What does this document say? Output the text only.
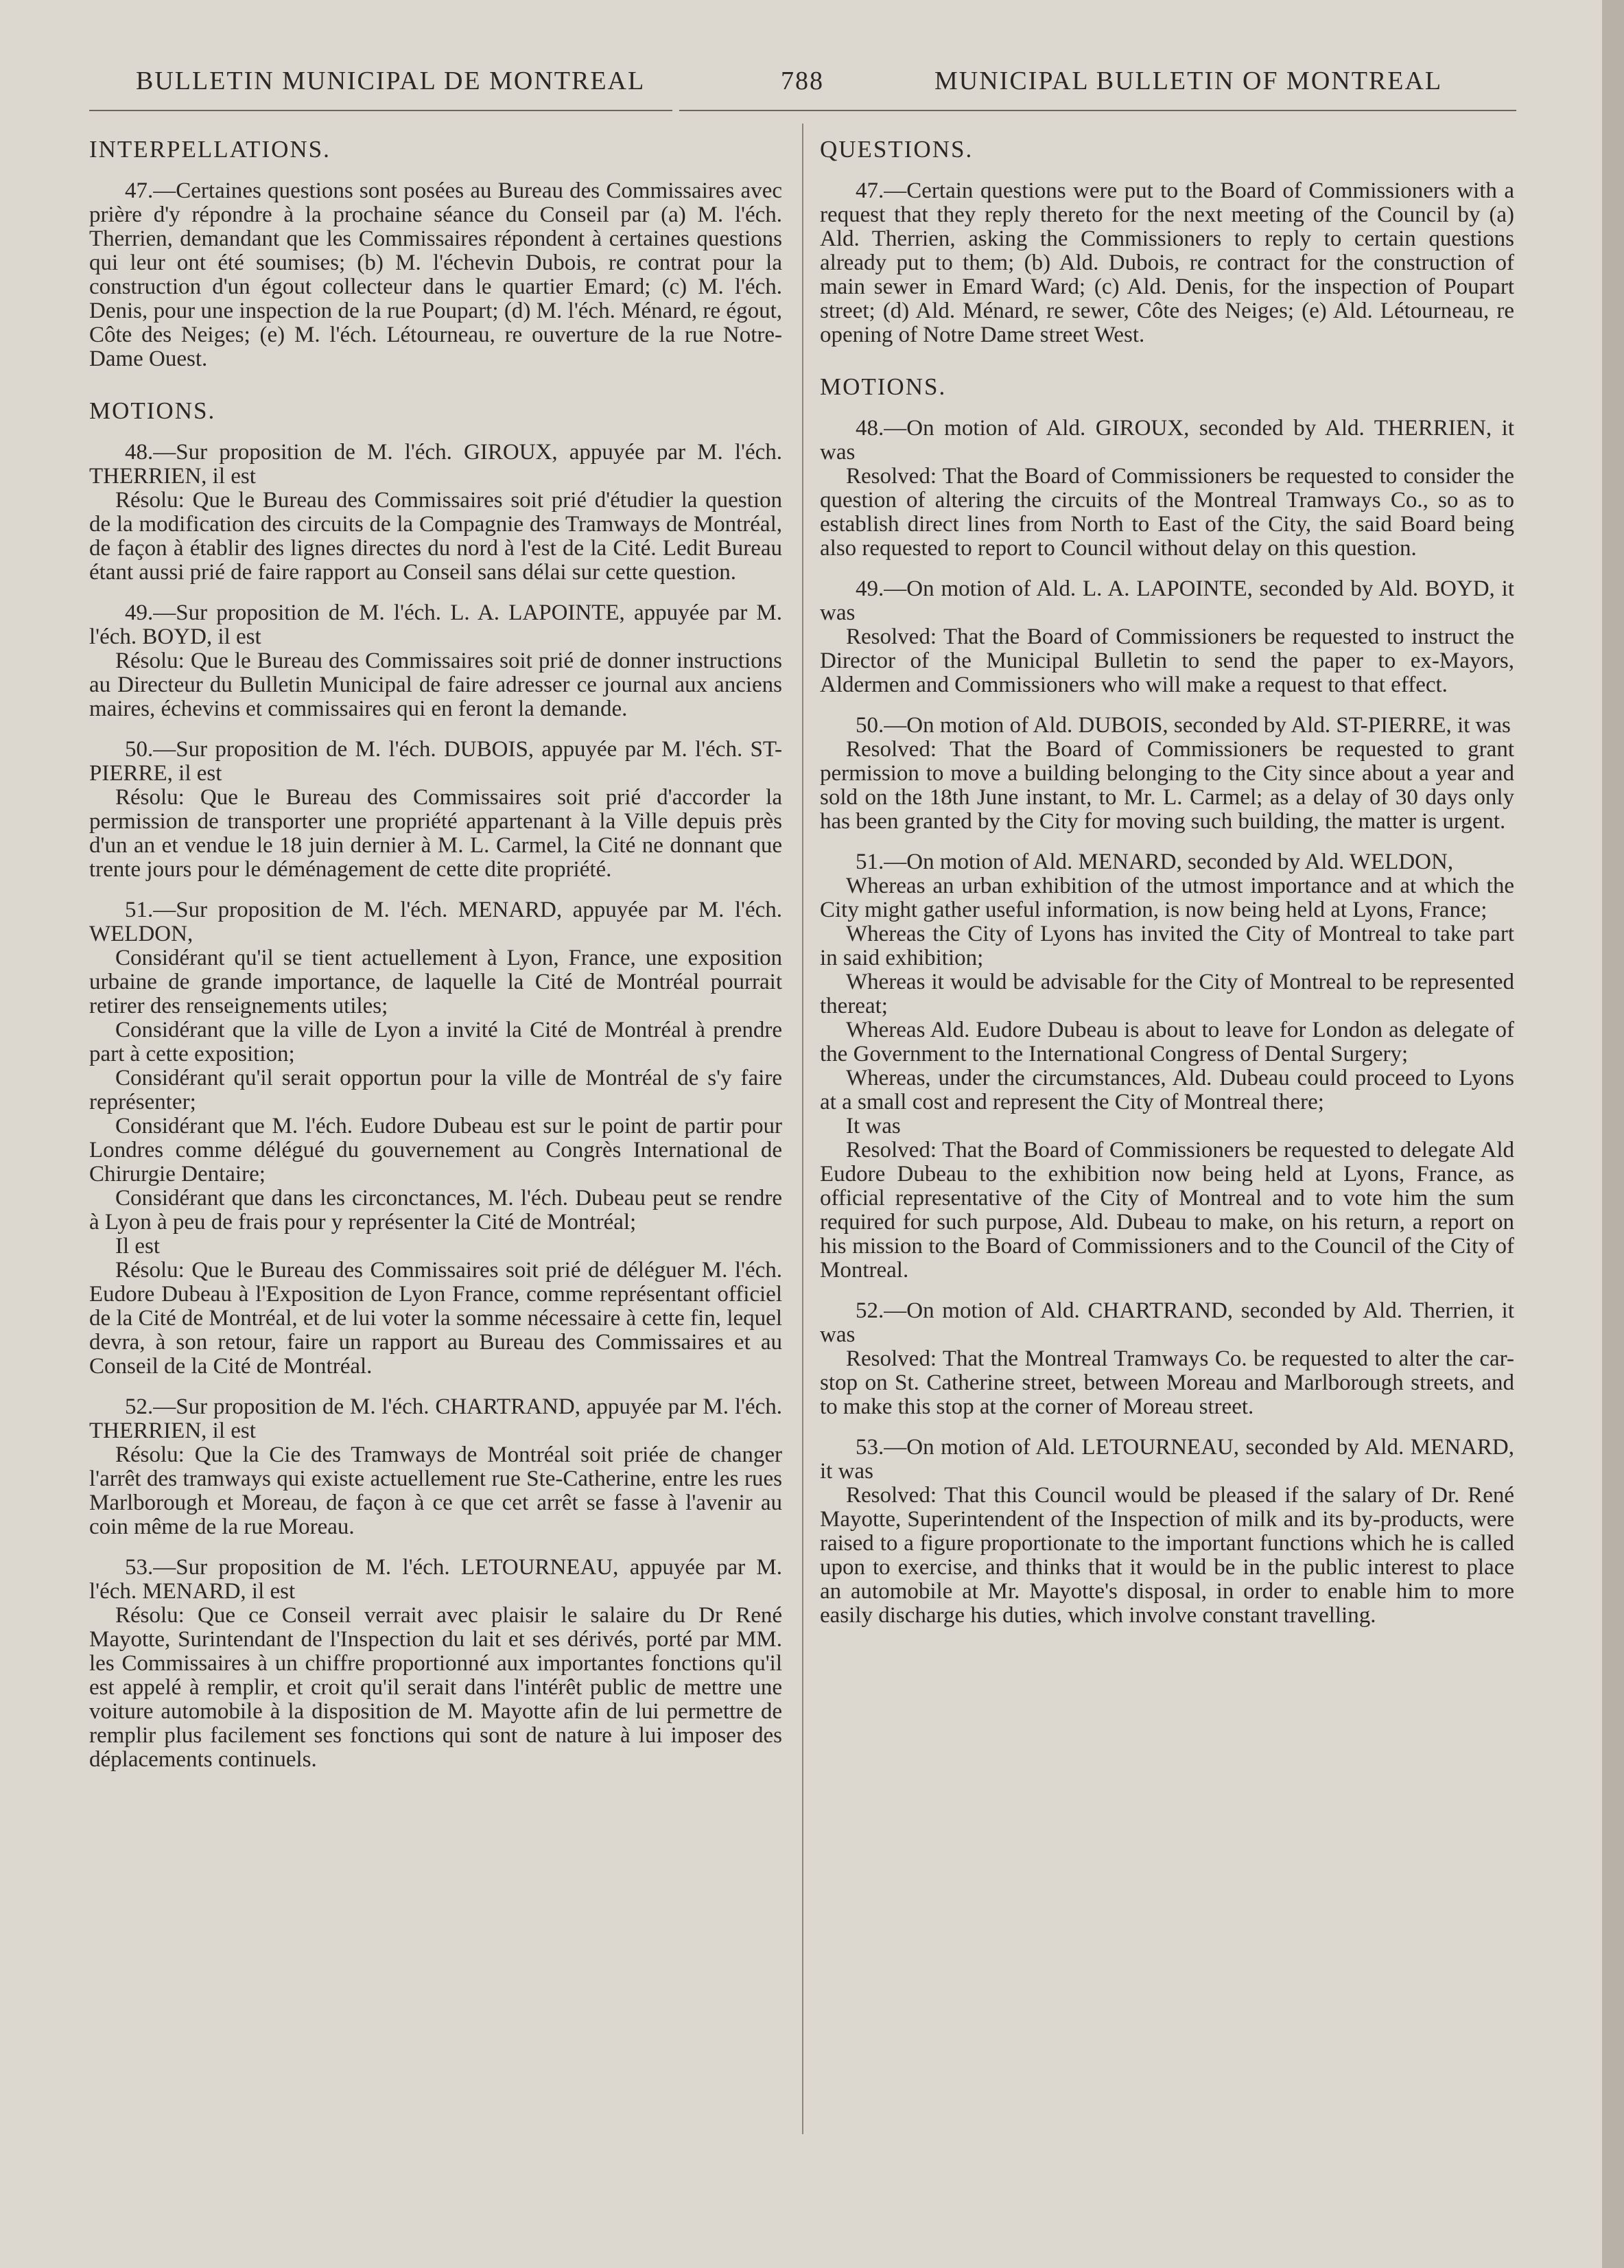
BULLETIN MUNICIPAL DE MONTREAL	788	MUNICIPAL BULLETIN OF MONTREAL
INTERPELLATIONS.

47.—Certaines questions sont posées au Bureau des Commissaires avec prière d'y répondre à la prochaine séance du Conseil par (a) M. l'éch. Therrien, demandant que les Commissaires répondent à certaines questions qui leur ont été soumises; (b) M. l'échevin Dubois, re contrat pour la construction d'un égout collecteur dans le quartier Emard; (c) M. l'éch. Denis, pour une inspection de la rue Poupart; (d) M. l'éch. Ménard, re égout, Côte des Neiges; (e) M. l'éch. Létourneau, re ouverture de la rue Notre-Dame Ouest.

MOTIONS.

48.—Sur proposition de M. l'éch. GIROUX, appuyée par M. l'éch. THERRIEN, il est

Résolu: Que le Bureau des Commissaires soit prié d'étudier la question de la modification des circuits de la Compagnie des Tramways de Montréal, de façon à établir des lignes directes du nord à l'est de la Cité. Ledit Bureau étant aussi prié de faire rapport au Conseil sans délai sur cette question.

49.—Sur proposition de M. l'éch. L. A. LAPOINTE, appuyée par M. l'éch. BOYD, il est

Résolu: Que le Bureau des Commissaires soit prié de donner instructions au Directeur du Bulletin Municipal de faire adresser ce journal aux anciens maires, échevins et commissaires qui en feront la demande.

50.—Sur proposition de M. l'éch. DUBOIS, appuyée par M. l'éch. ST-PIERRE, il est

Résolu: Que le Bureau des Commissaires soit prié d'accorder la permission de transporter une propriété appartenant à la Ville depuis près d'un an et vendue le 18 juin dernier à M. L. Carmel, la Cité ne donnant que trente jours pour le déménagement de cette dite propriété.

51.—Sur proposition de M. l'éch. MENARD, appuyée par M. l'éch. WELDON,

Considérant qu'il se tient actuellement à Lyon, France, une exposition urbaine de grande importance, de laquelle la Cité de Montréal pourrait retirer des renseignements utiles;

Considérant que la ville de Lyon a invité la Cité de Montréal à prendre part à cette exposition;

Considérant qu'il serait opportun pour la ville de Montréal de s'y faire représenter;

Considérant que M. l'éch. Eudore Dubeau est sur le point de partir pour Londres comme délégué du gouvernement au Congrès International de Chirurgie Dentaire;

Considérant que dans les circonctances, M. l'éch. Dubeau peut se rendre à Lyon à peu de frais pour y représenter la Cité de Montréal;

Il est

Résolu: Que le Bureau des Commissaires soit prié de déléguer M. l'éch. Eudore Dubeau à l'Exposition de Lyon France, comme représentant officiel de la Cité de Montréal, et de lui voter la somme nécessaire à cette fin, lequel devra, à son retour, faire un rapport au Bureau des Commissaires et au Conseil de la Cité de Montréal.

52.—Sur proposition de M. l'éch. CHARTRAND, appuyée par M. l'éch. THERRIEN, il est

Résolu: Que la Cie des Tramways de Montréal soit priée de changer l'arrêt des tramways qui existe actuellement rue Ste-Catherine, entre les rues Marlborough et Moreau, de façon à ce que cet arrêt se fasse à l'avenir au coin même de la rue Moreau.

53.—Sur proposition de M. l'éch. LETOURNEAU, appuyée par M. l'éch. MENARD, il est

Résolu: Que ce Conseil verrait avec plaisir le salaire du Dr René Mayotte, Surintendant de l'Inspection du lait et ses dérivés, porté par MM. les Commissaires à un chiffre proportionné aux importantes fonctions qu'il est appelé à remplir, et croit qu'il serait dans l'intérêt public de mettre une voiture automobile à la disposition de M. Mayotte afin de lui permettre de remplir plus facilement ses fonctions qui sont de nature à lui imposer des déplacements continuels.

QUESTIONS.

47.—Certain questions were put to the Board of Commissioners with a request that they reply thereto for the next meeting of the Council by (a) Ald. Therrien, asking the Commissioners to reply to certain questions already put to them; (b) Ald. Dubois, re contract for the construction of main sewer in Emard Ward; (c) Ald. Denis, for the inspection of Poupart street; (d) Ald. Ménard, re sewer, Côte des Neiges; (e) Ald. Létourneau, re opening of Notre Dame street West.

MOTIONS.

48.—On motion of Ald. GIROUX, seconded by Ald. THERRIEN, it was

Resolved: That the Board of Commissioners be requested to consider the question of altering the circuits of the Montreal Tramways Co., so as to establish direct lines from North to East of the City, the said Board being also requested to report to Council without delay on this question.

49.—On motion of Ald. L. A. LAPOINTE, seconded by Ald. BOYD, it was

Resolved: That the Board of Commissioners be requested to instruct the Director of the Municipal Bulletin to send the paper to ex-Mayors, Aldermen and Commissioners who will make a request to that effect.

50.—On motion of Ald. DUBOIS, seconded by Ald. ST-PIERRE, it was

Resolved: That the Board of Commissioners be requested to grant permission to move a building belonging to the City since about a year and sold on the 18th June instant, to Mr. L. Carmel; as a delay of 30 days only has been granted by the City for moving such building, the matter is urgent.

51.—On motion of Ald. MENARD, seconded by Ald. WELDON,

Whereas an urban exhibition of the utmost importance and at which the City might gather useful information, is now being held at Lyons, France;

Whereas the City of Lyons has invited the City of Montreal to take part in said exhibition;

Whereas it would be advisable for the City of Montreal to be represented thereat;

Whereas Ald. Eudore Dubeau is about to leave for London as delegate of the Government to the International Congress of Dental Surgery;

Whereas, under the circumstances, Ald. Dubeau could proceed to Lyons at a small cost and represent the City of Montreal there;

It was

Resolved: That the Board of Commissioners be requested to delegate Ald Eudore Dubeau to the exhibition now being held at Lyons, France, as official representative of the City of Montreal and to vote him the sum required for such purpose, Ald. Dubeau to make, on his return, a report on his mission to the Board of Commissioners and to the Council of the City of Montreal.

52.—On motion of Ald. CHARTRAND, seconded by Ald. Therrien, it was

Resolved: That the Montreal Tramways Co. be requested to alter the car-stop on St. Catherine street, between Moreau and Marlborough streets, and to make this stop at the corner of Moreau street.

53.—On motion of Ald. LETOURNEAU, seconded by Ald. MENARD, it was

Resolved: That this Council would be pleased if the salary of Dr. René Mayotte, Superintendent of the Inspection of milk and its by-products, were raised to a figure proportionate to the important functions which he is called upon to exercise, and thinks that it would be in the public interest to place an automobile at Mr. Mayotte's disposal, in order to enable him to more easily discharge his duties, which involve constant travelling.
